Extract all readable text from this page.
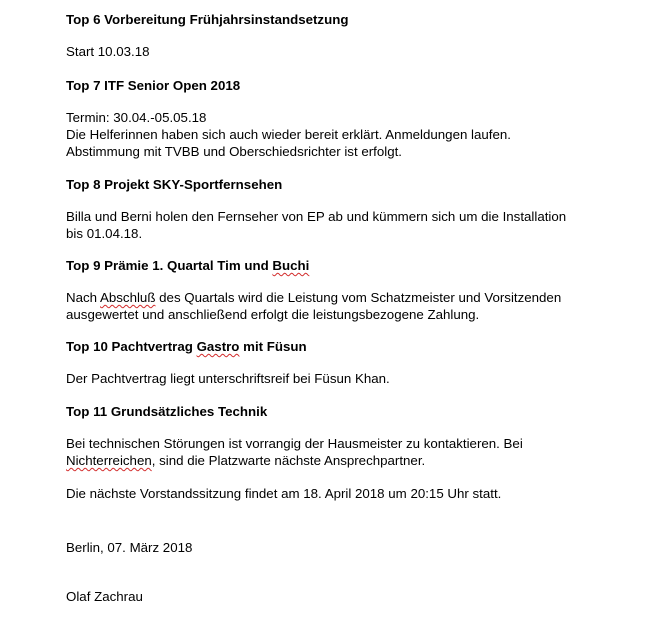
Top 6 Vorbereitung Frühjahrsinstandsetzung
Start 10.03.18
Top 7 ITF Senior Open 2018
Termin: 30.04.-05.05.18
Die Helferinnen haben sich auch wieder bereit erklärt. Anmeldungen laufen.
Abstimmung mit TVBB und Oberschiedsrichter ist erfolgt.
Top 8 Projekt SKY-Sportfernsehen
Billa und Berni holen den Fernseher von EP ab und kümmern sich um die Installation
bis 01.04.18.
Top 9 Prämie 1. Quartal Tim und Buchi
Nach Abschluß des Quartals wird die Leistung vom Schatzmeister und Vorsitzenden
ausgewertet und anschließend erfolgt die leistungsbezogene Zahlung.
Top 10 Pachtvertrag Gastro mit Füsun
Der Pachtvertrag liegt unterschriftsreif bei Füsun Khan.
Top 11 Grundsätzliches Technik
Bei technischen Störungen ist vorrangig der Hausmeister zu kontaktieren. Bei
Nichterreichen, sind die Platzwarte nächste Ansprechpartner.
Die nächste Vorstandssitzung findet am 18. April 2018 um 20:15 Uhr statt.
Berlin, 07. März 2018
Olaf Zachrau
